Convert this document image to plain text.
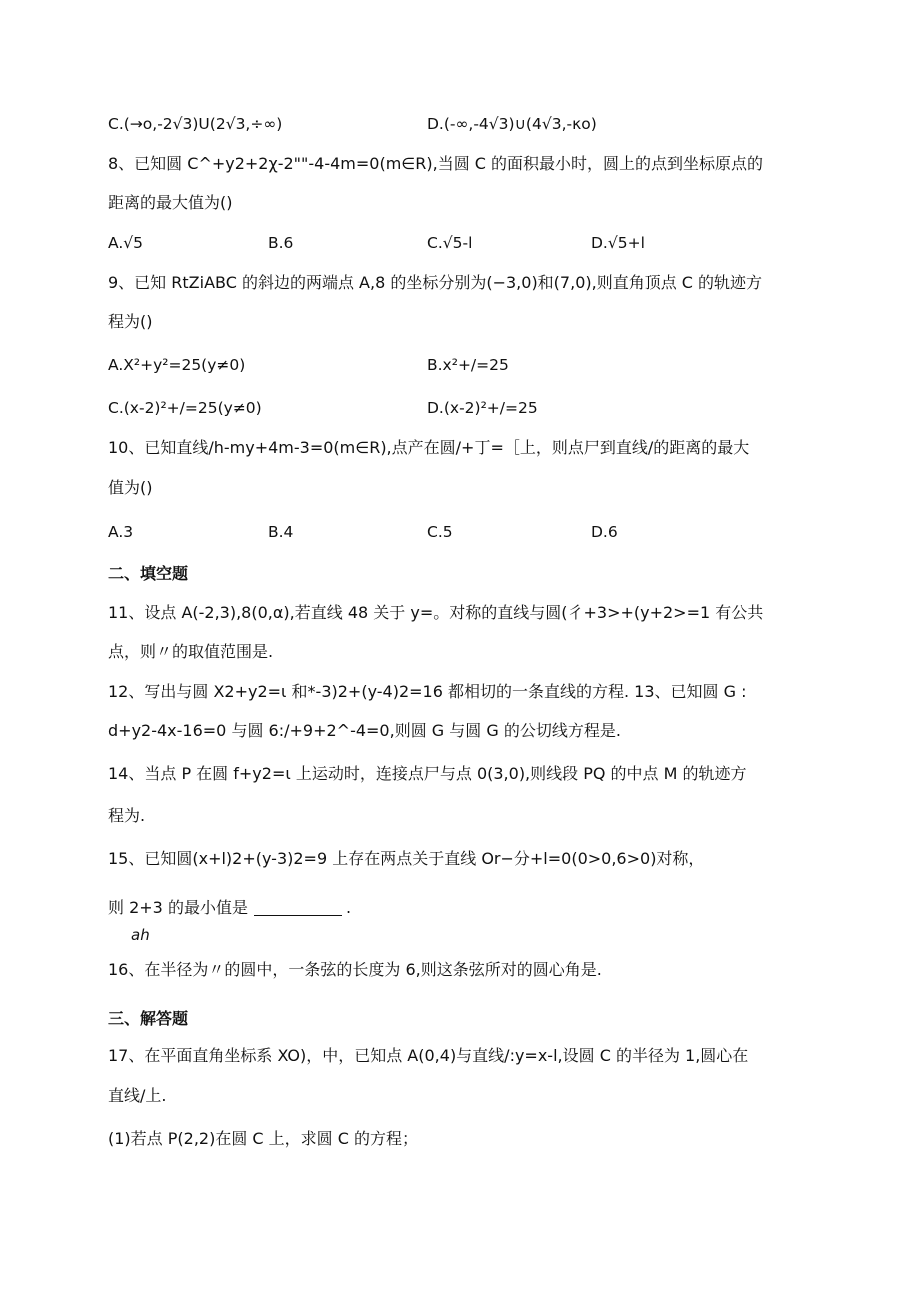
C.(→o,-2√3)U(2√3,÷∞)	D.(-∞,-4√3)∪(4√3,-κo)
8、已知圆 C^+y2+2χ-2""-4-4m=0(m∈R),当圆 C 的面积最小时，圆上的点到坐标原点的
距离的最大值为()
A.√5	B.6	C.√5-l	D.√5+l
9、已知 RtZiABC 的斜边的两端点 A,8 的坐标分别为(−3,0)和(7,0),则直角顶点 C 的轨迹方
程为()
A.X²+y²=25(y≠0)	B.x²+/=25
C.(x-2)²+/=25(y≠0)	D.(x-2)²+/=25
10、已知直线/h-my+4m-3=0(m∈R),点产在圆/+丁=［上，则点尸到直线/的距离的最大
值为()
A.3	B.4	C.5	D.6
二、填空题
11、设点 A(-2,3),8(0,α),若直线 48 关于 y=。对称的直线与圆(彳+3>+(y+2>=1 有公共
点，则〃的取值范围是.
12、写出与圆 X2+y2=ι 和*-3)2+(y-4)2=16 都相切的一条直线的方程. 13、已知圆 G :
d+y2-4x-16=0 与圆 6:/+9+2^-4=0,则圆 G 与圆 G 的公切线方程是.
14、当点 P 在圆 f+y2=ι 上运动时，连接点尸与点 0(3,0),则线段 PQ 的中点 M 的轨迹方
程为.
15、已知圆(x+l)2+(y-3)2=9 上存在两点关于直线 Or−分+l=0(0>0,6>0)对称，
则 2+3 的最小值是	.
ah
16、在半径为〃的圆中，一条弦的长度为 6,则这条弦所对的圆心角是.
三、解答题
17、在平面直角坐标系 XO)，中，已知点 A(0,4)与直线/:y=x-l,设圆 C 的半径为 1,圆心在
直线/上.
(1)若点 P(2,2)在圆 C 上，求圆 C 的方程；
